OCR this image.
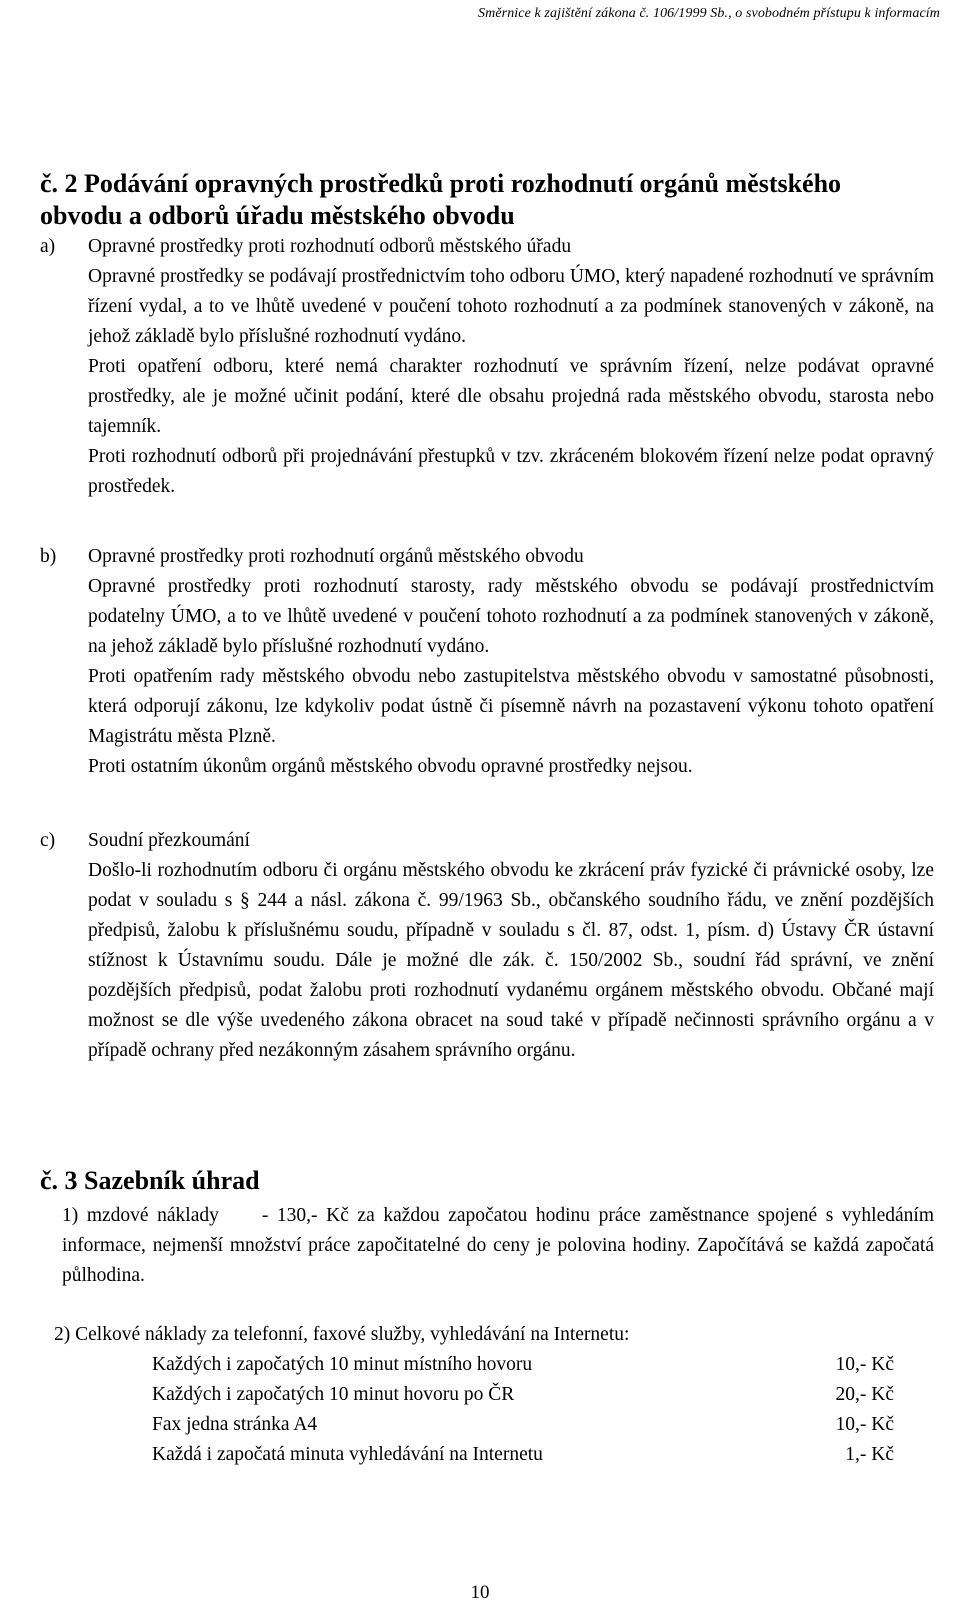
Směrnice k zajištění zákona č. 106/1999 Sb., o svobodném přístupu k informacím

č. 2 Podávání opravných prostředků proti rozhodnutí orgánů městského

obvodu a odborů úřadu městského obvodu

a)	Opravné prostředky proti rozhodnutí odborů městského úřadu

Opravné prostředky se podávají prostřednictvím toho odboru ÚMO, který napadené rozhodnutí ve správním řízení vydal, a to ve lhůtě uvedené v poučení tohoto rozhodnutí a za podmínek stanovených v zákoně, na jehož základě bylo příslušné rozhodnutí vydáno.

Proti opatření odboru, které nemá charakter rozhodnutí ve správním řízení, nelze podávat opravné prostředky, ale je možné učinit podání, které dle obsahu projedná rada městského obvodu, starosta nebo tajemník.

Proti rozhodnutí odborů při projednávání přestupků v tzv. zkráceném blokovém řízení nelze podat opravný prostředek.

b)	Opravné prostředky proti rozhodnutí orgánů městského obvodu

Opravné prostředky proti rozhodnutí starosty, rady městského obvodu se podávají prostřednictvím podatelny ÚMO, a to ve lhůtě uvedené v poučení tohoto rozhodnutí a za podmínek stanovených v zákoně, na jehož základě bylo příslušné rozhodnutí vydáno.

Proti opatřením rady městského obvodu nebo zastupitelstva městského obvodu v samostatné působnosti, která odporují zákonu, lze kdykoliv podat ústně či písemně návrh na pozastavení výkonu tohoto opatření Magistrátu města Plzně.

Proti ostatním úkonům orgánů městského obvodu opravné prostředky nejsou.

c)	Soudní přezkoumání

Došlo-li rozhodnutím odboru či orgánu městského obvodu ke zkrácení práv fyzické či právnické osoby, lze podat v souladu s § 244 a násl. zákona č. 99/1963 Sb., občanského soudního řádu, ve znění pozdějších předpisů, žalobu k příslušnému soudu, případně v souladu s čl. 87, odst. 1, písm. d) Ústavy ČR ústavní stížnost k Ústavnímu soudu. Dále je možné dle zák. č. 150/2002 Sb., soudní řád správní, ve znění pozdějších předpisů, podat žalobu proti rozhodnutí vydanému orgánem městského obvodu. Občané mají možnost se dle výše uvedeného zákona obracet na soud také v případě nečinnosti správního orgánu a v případě ochrany před nezákonným zásahem správního orgánu.

č. 3 Sazebník úhrad

1) mzdové náklady     - 130,- Kč za každou započatou hodinu práce zaměstnance spojené s vyhledáním informace, nejmenší množství práce započitatelné do ceny je polovina hodiny. Započítává se každá započatá půlhodina.

2) Celkové náklady za telefonní, faxové služby, vyhledávání na Internetu:
Každých i započatých 10 minut místního hovoru	10,- Kč
Každých i započatých 10 minut hovoru po ČR	20,- Kč
Fax jedna stránka A4	10,- Kč
Každá i započatá minuta vyhledávání na Internetu	1,- Kč
10
